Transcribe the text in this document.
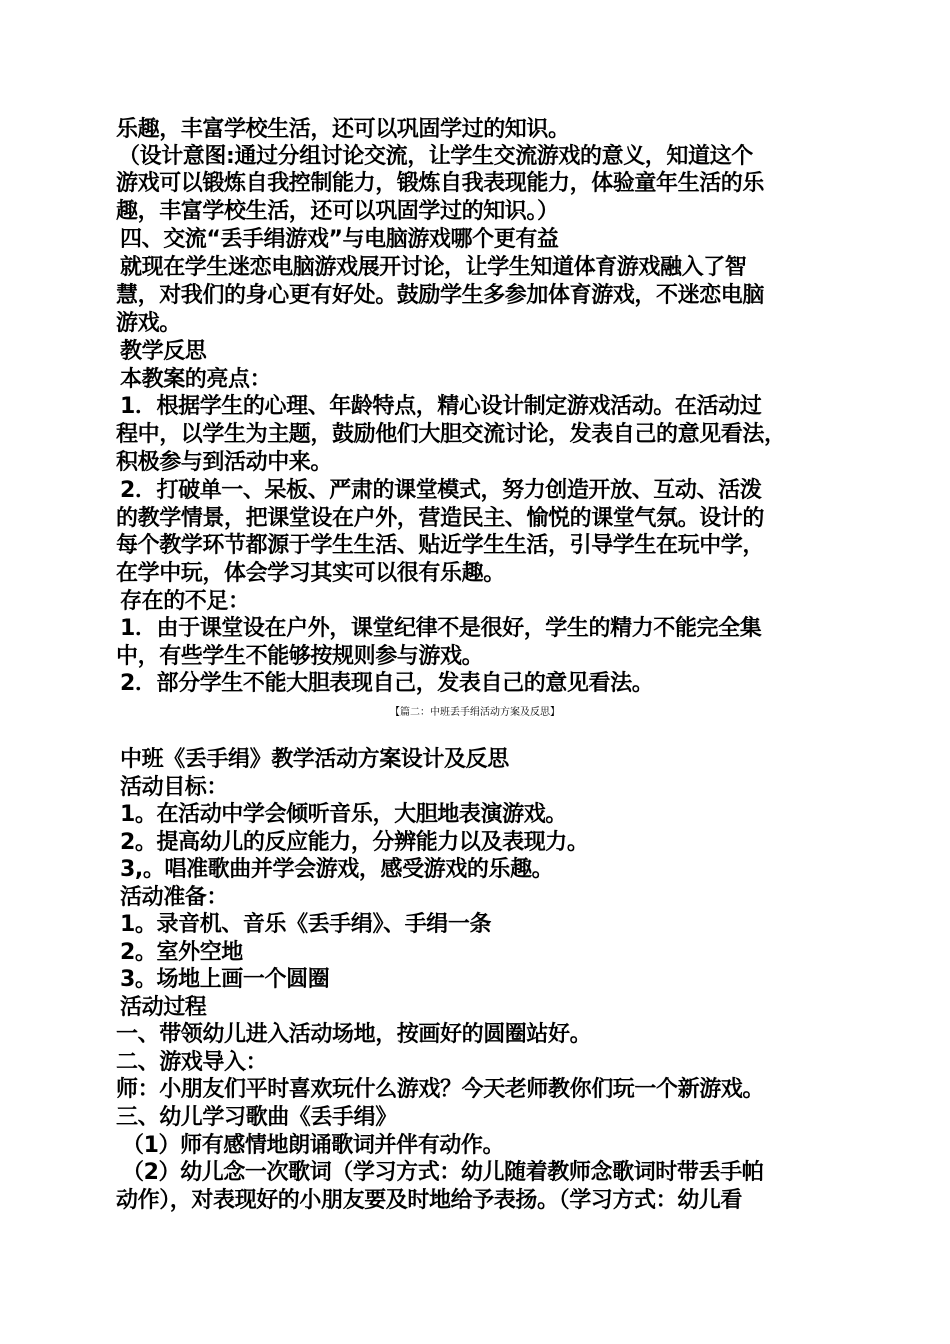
乐趣，丰富学校生活，还可以巩固学过的知识。
（设计意图:通过分组讨论交流，让学生交流游戏的意义，知道这个
游戏可以锻炼自我控制能力，锻炼自我表现能力，体验童年生活的乐
趣，丰富学校生活，还可以巩固学过的知识。）
四、交流“丢手绢游戏”与电脑游戏哪个更有益
就现在学生迷恋电脑游戏展开讨论，让学生知道体育游戏融入了智
慧，对我们的身心更有好处。鼓励学生多参加体育游戏，不迷恋电脑
游戏。
教学反思
本教案的亮点：
1．根据学生的心理、年龄特点，精心设计制定游戏活动。在活动过
程中，以学生为主题，鼓励他们大胆交流讨论，发表自己的意见看法，
积极参与到活动中来。
2．打破单一、呆板、严肃的课堂模式，努力创造开放、互动、活泼
的教学情景，把课堂设在户外，营造民主、愉悦的课堂气氛。设计的
每个教学环节都源于学生生活、贴近学生生活，引导学生在玩中学，
在学中玩，体会学习其实可以很有乐趣。
存在的不足：
1．由于课堂设在户外，课堂纪律不是很好，学生的精力不能完全集
中，有些学生不能够按规则参与游戏。
2．部分学生不能大胆表现自己，发表自己的意见看法。
【篇二：中班丢手绢活动方案及反思】
中班《丢手绢》教学活动方案设计及反思
活动目标：
1。在活动中学会倾听音乐，大胆地表演游戏。
2。提高幼儿的反应能力，分辨能力以及表现力。
3,。唱准歌曲并学会游戏，感受游戏的乐趣。
活动准备：
1。录音机、音乐《丢手绢》、手绢一条
2。室外空地
3。场地上画一个圆圈
活动过程
一、带领幼儿进入活动场地，按画好的圆圈站好。
二、游戏导入：
师：小朋友们平时喜欢玩什么游戏？今天老师教你们玩一个新游戏。
三、幼儿学习歌曲《丢手绢》
（1）师有感情地朗诵歌词并伴有动作。
（2）幼儿念一次歌词（学习方式：幼儿随着教师念歌词时带丢手帕
动作），对表现好的小朋友要及时地给予表扬。（学习方式：幼儿看
